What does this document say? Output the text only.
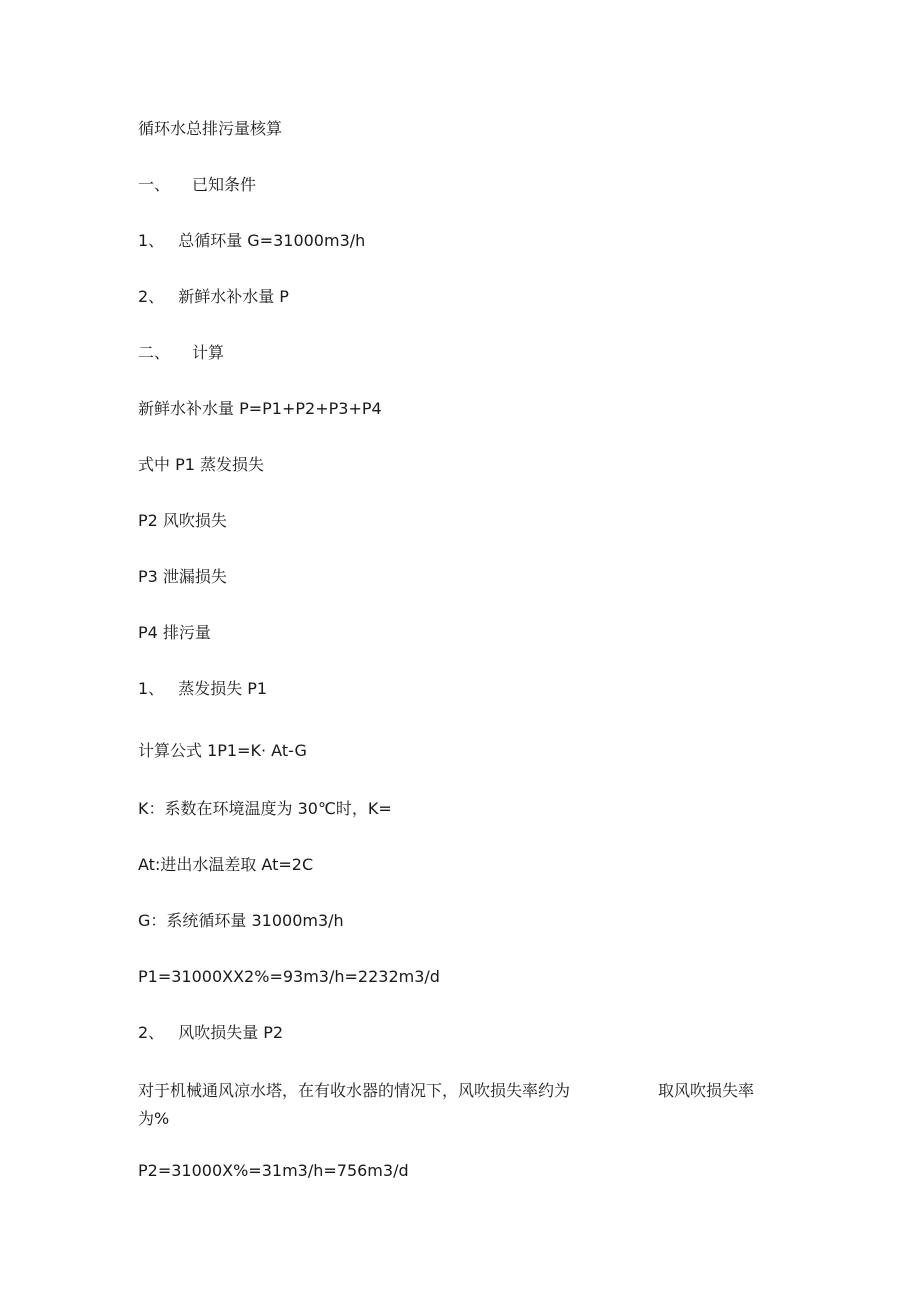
循环水总排污量核算
一、 已知条件
1、 总循环量 G=31000m3/h
2、 新鲜水补水量 P
二、 计算
新鲜水补水量 P=P1+P2+P3+P4
式中 P1 蒸发损失
P2 风吹损失
P3 泄漏损失
P4 排污量
1、 蒸发损失 P1
计算公式 1P1=K· At-G
K：系数在环境温度为 30℃时，K=
At:进出水温差取 At=2C
G：系统循环量 31000m3/h
P1=31000XX2%=93m3/h=2232m3/d
2、 风吹损失量 P2
对于机械通风凉水塔，在有收水器的情况下，风吹损失率约为	取风吹损失率
为%
P2=31000X%=31m3/h=756m3/d
